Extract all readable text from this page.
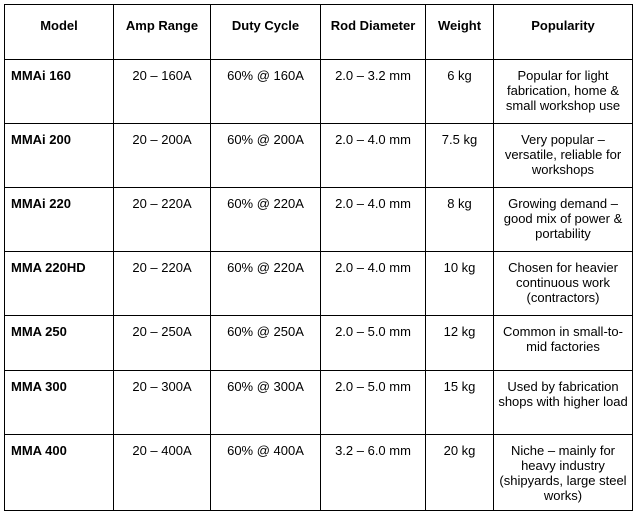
Model	Amp Range	Duty Cycle	Rod Diameter	Weight	Popularity
MMAi 160	20 – 160A	60% @ 160A	2.0 – 3.2 mm	6 kg	Popular for light fabrication, home & small workshop use
MMAi 200	20 – 200A	60% @ 200A	2.0 – 4.0 mm	7.5 kg	Very popular – versatile, reliable for workshops
MMAi 220	20 – 220A	60% @ 220A	2.0 – 4.0 mm	8 kg	Growing demand – good mix of power & portability
MMA 220HD	20 – 220A	60% @ 220A	2.0 – 4.0 mm	10 kg	Chosen for heavier continuous work (contractors)
MMA 250	20 – 250A	60% @ 250A	2.0 – 5.0 mm	12 kg	Common in small-to-mid factories
MMA 300	20 – 300A	60% @ 300A	2.0 – 5.0 mm	15 kg	Used by fabrication shops with higher load
MMA 400	20 – 400A	60% @ 400A	3.2 – 6.0 mm	20 kg	Niche – mainly for heavy industry (shipyards, large steel works)
